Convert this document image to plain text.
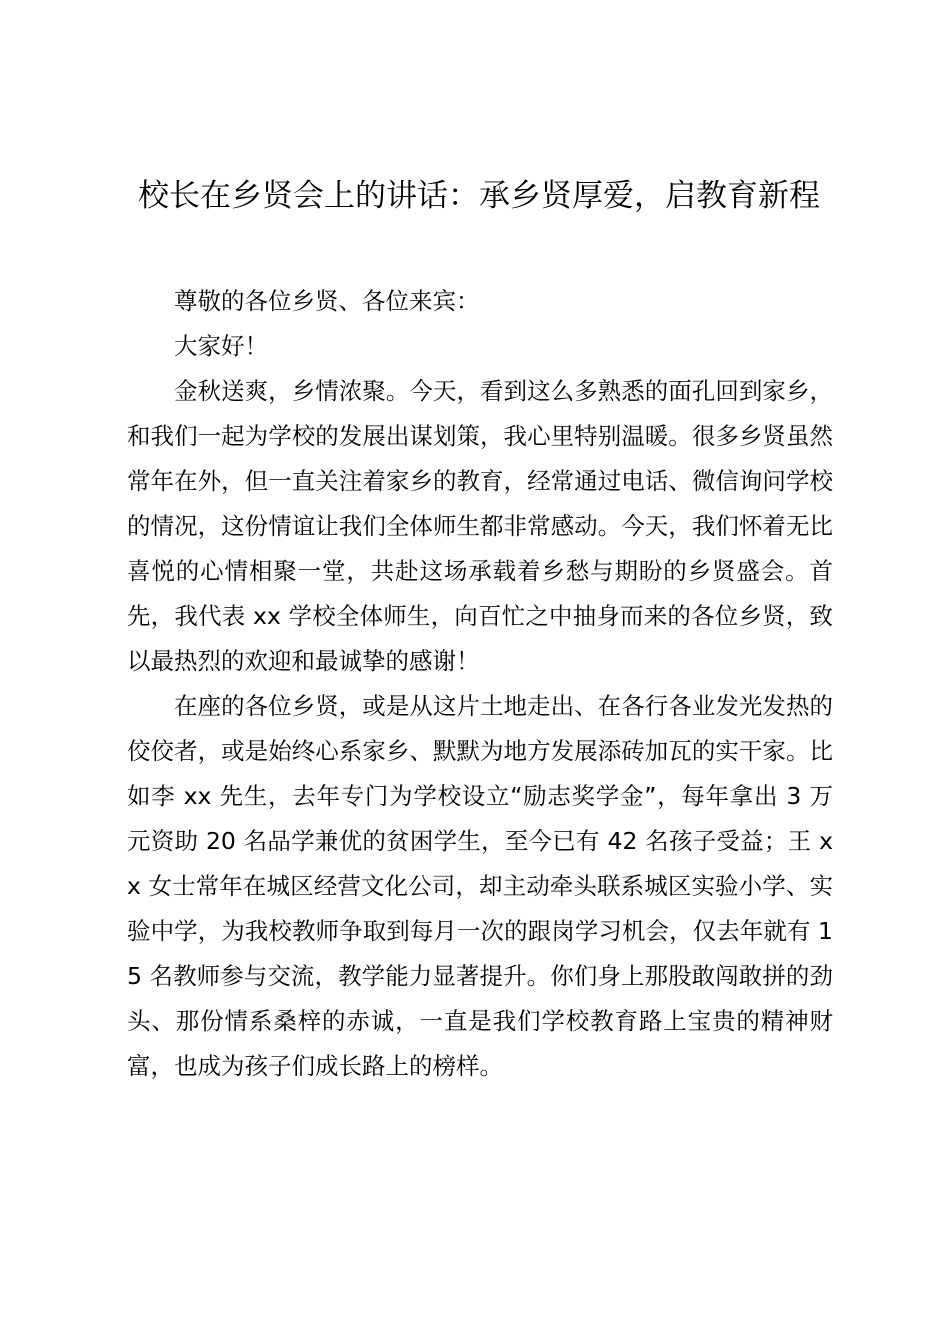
校长在乡贤会上的讲话：承乡贤厚爱，启教育新程

尊敬的各位乡贤、各位来宾：

大家好！

金秋送爽，乡情浓聚。今天，看到这么多熟悉的面孔回到家乡，和我们一起为学校的发展出谋划策，我心里特别温暖。很多乡贤虽然常年在外，但一直关注着家乡的教育，经常通过电话、微信询问学校的情况，这份情谊让我们全体师生都非常感动。今天，我们怀着无比喜悦的心情相聚一堂，共赴这场承载着乡愁与期盼的乡贤盛会。首先，我代表 xx 学校全体师生，向百忙之中抽身而来的各位乡贤，致以最热烈的欢迎和最诚挚的感谢！

在座的各位乡贤，或是从这片土地走出、在各行各业发光发热的佼佼者，或是始终心系家乡、默默为地方发展添砖加瓦的实干家。比如李 xx 先生，去年专门为学校设立“励志奖学金”，每年拿出 3 万元资助 20 名品学兼优的贫困学生，至今已有 42 名孩子受益；王 xx 女士常年在城区经营文化公司，却主动牵头联系城区实验小学、实验中学，为我校教师争取到每月一次的跟岗学习机会，仅去年就有 15 名教师参与交流，教学能力显著提升。你们身上那股敢闯敢拼的劲头、那份情系桑梓的赤诚，一直是我们学校教育路上宝贵的精神财富，也成为孩子们成长路上的榜样。
